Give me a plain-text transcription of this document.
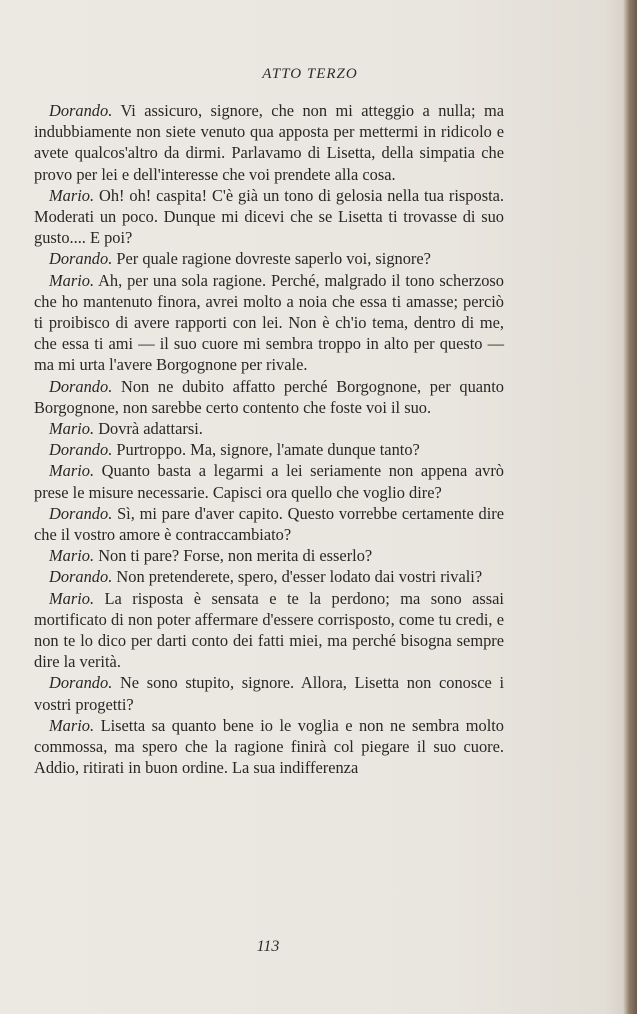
ATTO TERZO

Dorando. Vi assicuro, signore, che non mi atteggio a nulla; ma indubbiamente non siete venuto qua apposta per mettermi in ridicolo e avete qualcos'altro da dirmi. Parlavamo di Lisetta, della simpatia che provo per lei e dell'interesse che voi prendete alla cosa.

Mario. Oh! oh! caspita! C'è già un tono di gelosia nella tua risposta. Moderati un poco. Dunque mi dicevi che se Lisetta ti trovasse di suo gusto.... E poi?

Dorando. Per quale ragione dovreste saperlo voi, signore?

Mario. Ah, per una sola ragione. Perché, malgrado il tono scherzoso che ho mantenuto finora, avrei molto a noia che essa ti amasse; perciò ti proibisco di avere rapporti con lei. Non è ch'io tema, dentro di me, che essa ti ami — il suo cuore mi sembra troppo in alto per questo — ma mi urta l'avere Borgognone per rivale.

Dorando. Non ne dubito affatto perché Borgognone, per quanto Borgognone, non sarebbe certo contento che foste voi il suo.

Mario. Dovrà adattarsi.

Dorando. Purtroppo. Ma, signore, l'amate dunque tanto?

Mario. Quanto basta a legarmi a lei seriamente non appena avrò prese le misure necessarie. Capisci ora quello che voglio dire?

Dorando. Sì, mi pare d'aver capito. Questo vorrebbe certamente dire che il vostro amore è contraccambiato?

Mario. Non ti pare? Forse, non merita di esserlo?

Dorando. Non pretenderete, spero, d'esser lodato dai vostri rivali?

Mario. La risposta è sensata e te la perdono; ma sono assai mortificato di non poter affermare d'essere corrisposto, come tu credi, e non te lo dico per darti conto dei fatti miei, ma perché bisogna sempre dire la verità.

Dorando. Ne sono stupito, signore. Allora, Lisetta non conosce i vostri progetti?

Mario. Lisetta sa quanto bene io le voglia e non ne sembra molto commossa, ma spero che la ragione finirà col piegare il suo cuore. Addio, ritirati in buon ordine. La sua indifferenza

113
